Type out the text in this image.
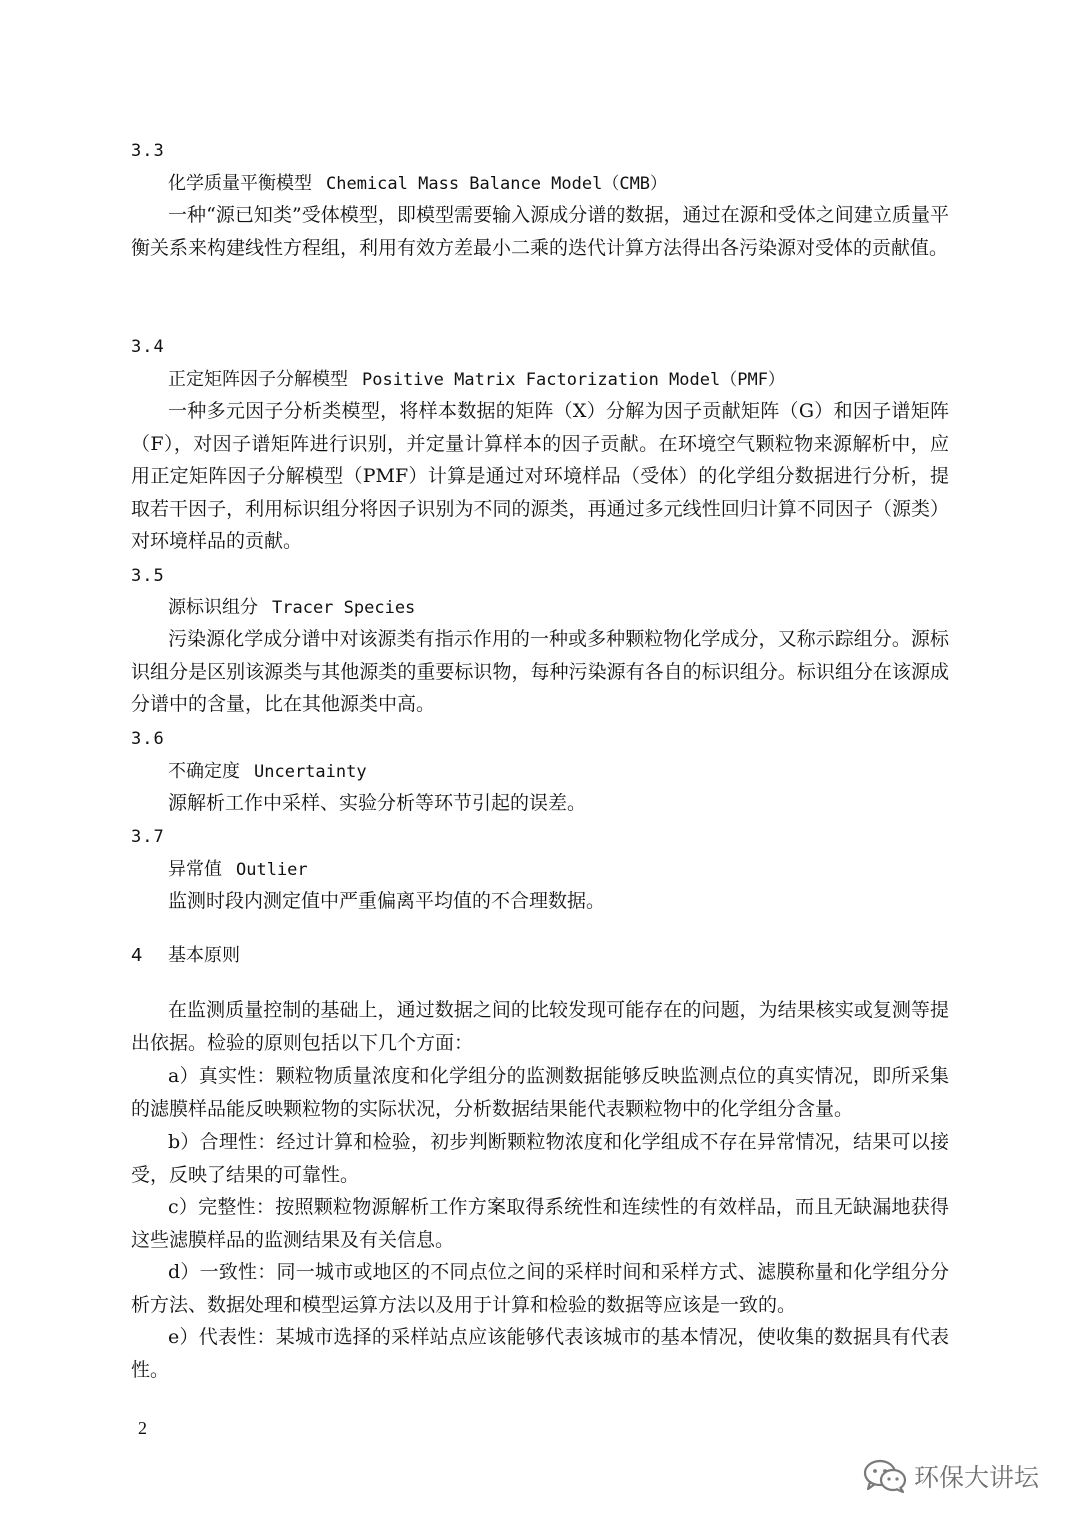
3.3
化学质量平衡模型 Chemical Mass Balance Model（CMB）

一种“源已知类”受体模型，即模型需要输入源成分谱的数据，通过在源和受体之间建立质量平衡关系来构建线性方程组，利用有效方差最小二乘的迭代计算方法得出各污染源对受体的贡献值。

3.4
正定矩阵因子分解模型 Positive Matrix Factorization Model（PMF）

一种多元因子分析类模型，将样本数据的矩阵（X）分解为因子贡献矩阵（G）和因子谱矩阵（F），对因子谱矩阵进行识别，并定量计算样本的因子贡献。在环境空气颗粒物来源解析中，应用正定矩阵因子分解模型（PMF）计算是通过对环境样品（受体）的化学组分数据进行分析，提取若干因子，利用标识组分将因子识别为不同的源类，再通过多元线性回归计算不同因子（源类）对环境样品的贡献。

3.5
源标识组分 Tracer Species

污染源化学成分谱中对该源类有指示作用的一种或多种颗粒物化学成分，又称示踪组分。源标识组分是区别该源类与其他源类的重要标识物，每种污染源有各自的标识组分。标识组分在该源成分谱中的含量，比在其他源类中高。

3.6
不确定度 Uncertainty

源解析工作中采样、实验分析等环节引起的误差。

3.7
异常值 Outlier

监测时段内测定值中严重偏离平均值的不合理数据。

4 基本原则

在监测质量控制的基础上，通过数据之间的比较发现可能存在的问题，为结果核实或复测等提出依据。检验的原则包括以下几个方面：

a）真实性：颗粒物质量浓度和化学组分的监测数据能够反映监测点位的真实情况，即所采集的滤膜样品能反映颗粒物的实际状况，分析数据结果能代表颗粒物中的化学组分含量。

b）合理性：经过计算和检验，初步判断颗粒物浓度和化学组成不存在异常情况，结果可以接受，反映了结果的可靠性。

c）完整性：按照颗粒物源解析工作方案取得系统性和连续性的有效样品，而且无缺漏地获得这些滤膜样品的监测结果及有关信息。

d）一致性：同一城市或地区的不同点位之间的采样时间和采样方式、滤膜称量和化学组分分析方法、数据处理和模型运算方法以及用于计算和检验的数据等应该是一致的。

e）代表性：某城市选择的采样站点应该能够代表该城市的基本情况，使收集的数据具有代表性。

2
环保大讲坛
